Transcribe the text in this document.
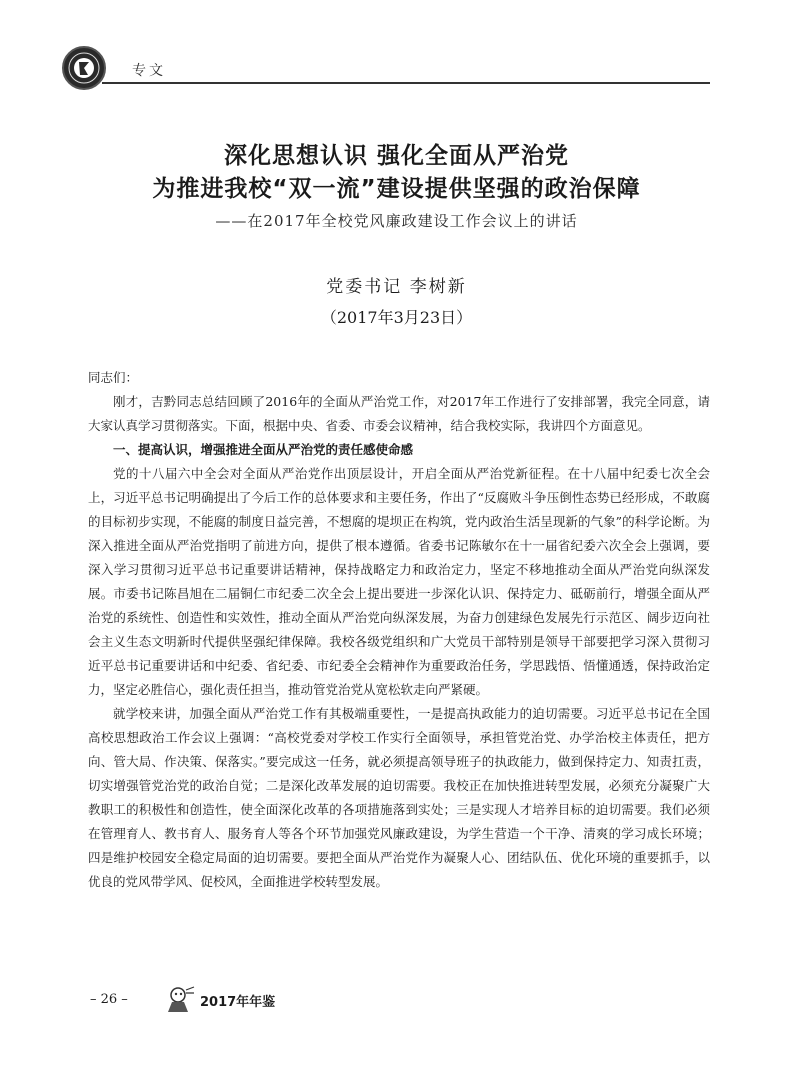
专文
深化思想认识 强化全面从严治党
为推进我校“双一流”建设提供坚强的政治保障
——在2017年全校党风廉政建设工作会议上的讲话
党委书记 李树新
（2017年3月23日）

同志们：

刚才，吉黔同志总结回顾了2016年的全面从严治党工作，对2017年工作进行了安排部署，我完全同意，请大家认真学习贯彻落实。下面，根据中央、省委、市委会议精神，结合我校实际，我讲四个方面意见。

一、提高认识，增强推进全面从严治党的责任感使命感

党的十八届六中全会对全面从严治党作出顶层设计，开启全面从严治党新征程。在十八届中纪委七次全会上，习近平总书记明确提出了今后工作的总体要求和主要任务，作出了“反腐败斗争压倒性态势已经形成，不敢腐的目标初步实现，不能腐的制度日益完善，不想腐的堤坝正在构筑，党内政治生活呈现新的气象”的科学论断。为深入推进全面从严治党指明了前进方向，提供了根本遵循。省委书记陈敏尔在十一届省纪委六次全会上强调，要深入学习贯彻习近平总书记重要讲话精神，保持战略定力和政治定力，坚定不移地推动全面从严治党向纵深发展。市委书记陈昌旭在二届铜仁市纪委二次全会上提出要进一步深化认识、保持定力、砥砺前行，增强全面从严治党的系统性、创造性和实效性，推动全面从严治党向纵深发展，为奋力创建绿色发展先行示范区、阔步迈向社会主义生态文明新时代提供坚强纪律保障。我校各级党组织和广大党员干部特别是领导干部要把学习深入贯彻习近平总书记重要讲话和中纪委、省纪委、市纪委全会精神作为重要政治任务，学思践悟、悟懂通透，保持政治定力，坚定必胜信心，强化责任担当，推动管党治党从宽松软走向严紧硬。

就学校来讲，加强全面从严治党工作有其极端重要性，一是提高执政能力的迫切需要。习近平总书记在全国高校思想政治工作会议上强调：“高校党委对学校工作实行全面领导，承担管党治党、办学治校主体责任，把方向、管大局、作决策、保落实。”要完成这一任务，就必须提高领导班子的执政能力，做到保持定力、知责扛责，切实增强管党治党的政治自觉；二是深化改革发展的迫切需要。我校正在加快推进转型发展，必须充分凝聚广大教职工的积极性和创造性，使全面深化改革的各项措施落到实处；三是实现人才培养目标的迫切需要。我们必须在管理育人、教书育人、服务育人等各个环节加强党风廉政建设，为学生营造一个干净、清爽的学习成长环境；四是维护校园安全稳定局面的迫切需要。要把全面从严治党作为凝聚人心、团结队伍、优化环境的重要抓手，以优良的党风带学风、促校风，全面推进学校转型发展。

– 26 –	2017年年鉴
